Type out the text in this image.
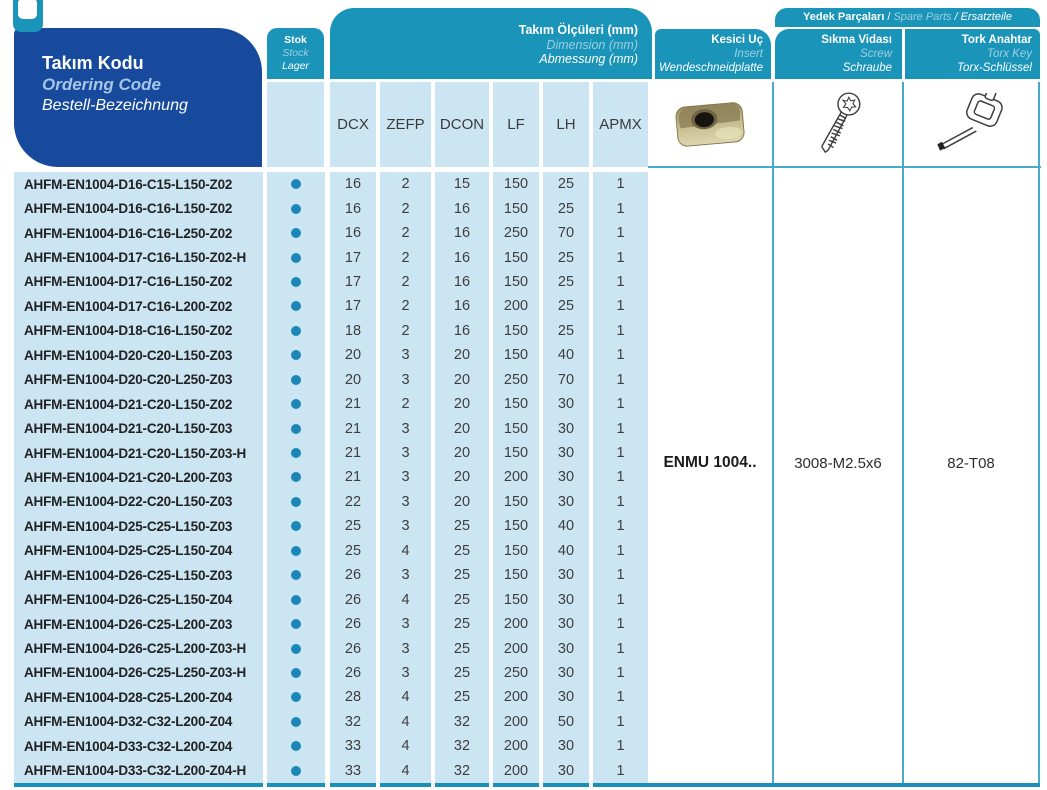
Takım Kodu
Ordering Code
Bestell-Bezeichnung
Stok
Stock
Lager
Takım Ölçüleri (mm)
Dimension (mm)
Abmessung (mm)
Yedek Parçaları / Spare Parts / Ersatzteile
Kesici Uç
Insert
Wendeschneidplatte
Sıkma Vidası
Screw
Schraube
Tork Anahtar
Torx Key
Torx-Schlüssel
DCX	ZEFP	DCON	LF	LH	APMX
AHFM-EN1004-D16-C15-L150-Z02	16	2	15	150	25	1
AHFM-EN1004-D16-C16-L150-Z02	16	2	16	150	25	1
AHFM-EN1004-D16-C16-L250-Z02	16	2	16	250	70	1
AHFM-EN1004-D17-C16-L150-Z02-H	17	2	16	150	25	1
AHFM-EN1004-D17-C16-L150-Z02	17	2	16	150	25	1
AHFM-EN1004-D17-C16-L200-Z02	17	2	16	200	25	1
AHFM-EN1004-D18-C16-L150-Z02	18	2	16	150	25	1
AHFM-EN1004-D20-C20-L150-Z03	20	3	20	150	40	1
AHFM-EN1004-D20-C20-L250-Z03	20	3	20	250	70	1
AHFM-EN1004-D21-C20-L150-Z02	21	2	20	150	30	1
AHFM-EN1004-D21-C20-L150-Z03	21	3	20	150	30	1
AHFM-EN1004-D21-C20-L150-Z03-H	21	3	20	150	30	1
AHFM-EN1004-D21-C20-L200-Z03	21	3	20	200	30	1
AHFM-EN1004-D22-C20-L150-Z03	22	3	20	150	30	1
AHFM-EN1004-D25-C25-L150-Z03	25	3	25	150	40	1
AHFM-EN1004-D25-C25-L150-Z04	25	4	25	150	40	1
AHFM-EN1004-D26-C25-L150-Z03	26	3	25	150	30	1
AHFM-EN1004-D26-C25-L150-Z04	26	4	25	150	30	1
AHFM-EN1004-D26-C25-L200-Z03	26	3	25	200	30	1
AHFM-EN1004-D26-C25-L200-Z03-H	26	3	25	200	30	1
AHFM-EN1004-D26-C25-L250-Z03-H	26	3	25	250	30	1
AHFM-EN1004-D28-C25-L200-Z04	28	4	25	200	30	1
AHFM-EN1004-D32-C32-L200-Z04	32	4	32	200	50	1
AHFM-EN1004-D33-C32-L200-Z04	33	4	32	200	30	1
AHFM-EN1004-D33-C32-L200-Z04-H	33	4	32	200	30	1
ENMU 1004..	3008-M2.5x6	82-T08
